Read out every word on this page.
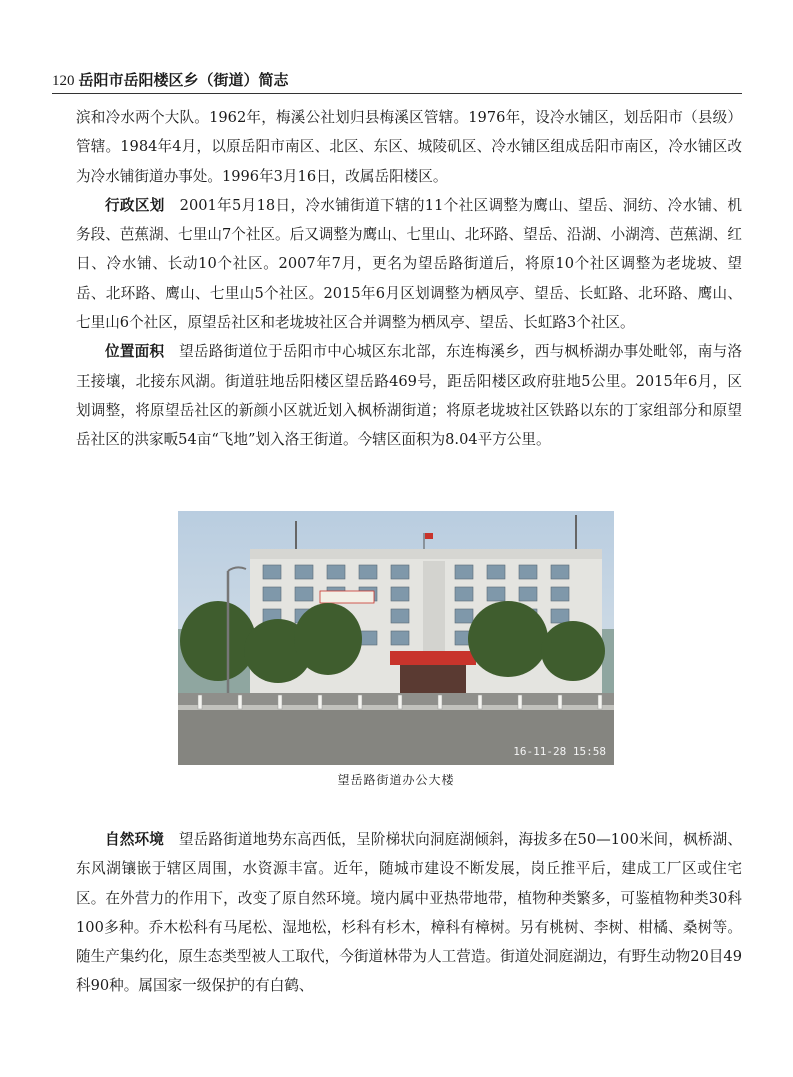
120 岳阳市岳阳楼区乡（街道）简志

滨和冷水两个大队。1962年，梅溪公社划归县梅溪区管辖。1976年，设冷水铺区，划岳阳市（县级）管辖。1984年4月，以原岳阳市南区、北区、东区、城陵矶区、冷水铺区组成岳阳市南区，冷水铺区改为冷水铺街道办事处。1996年3月16日，改属岳阳楼区。

行政区划　 2001年5月18日，冷水铺街道下辖的11个社区调整为鹰山、望岳、洞纺、冷水铺、机务段、芭蕉湖、七里山7个社区。后又调整为鹰山、七里山、北环路、望岳、沿湖、小湖湾、芭蕉湖、红日、冷水铺、长动10个社区。2007年7月，更名为望岳路街道后，将原10个社区调整为老垅坡、望岳、北环路、鹰山、七里山5个社区。2015年6月区划调整为栖凤亭、望岳、长虹路、北环路、鹰山、七里山6个社区，原望岳社区和老垅坡社区合并调整为栖凤亭、望岳、长虹路3个社区。

位置面积　 望岳路街道位于岳阳市中心城区东北部，东连梅溪乡，西与枫桥湖办事处毗邻，南与洛王接壤，北接东风湖。街道驻地岳阳楼区望岳路469号，距岳阳楼区政府驻地5公里。2015年6月，区划调整，将原望岳社区的新颜小区就近划入枫桥湖街道；将原老垅坡社区铁路以东的丁家组部分和原望岳社区的洪家畈54亩“飞地”划入洛王街道。今辖区面积为8.04平方公里。

16-11-28 15:58
望岳路街道办公大楼

自然环境　 望岳路街道地势东高西低，呈阶梯状向洞庭湖倾斜，海拔多在50—100米间，枫桥湖、东风湖镶嵌于辖区周围，水资源丰富。近年，随城市建设不断发展，岗丘推平后，建成工厂区或住宅区。在外营力的作用下，改变了原自然环境。境内属中亚热带地带，植物种类繁多，可鉴植物种类30科100多种。乔木松科有马尾松、湿地松，杉科有杉木，樟科有樟树。另有桃树、李树、柑橘、桑树等。随生产集约化，原生态类型被人工取代，今街道林带为人工营造。街道处洞庭湖边，有野生动物20目49科90种。属国家一级保护的有白鹤、
